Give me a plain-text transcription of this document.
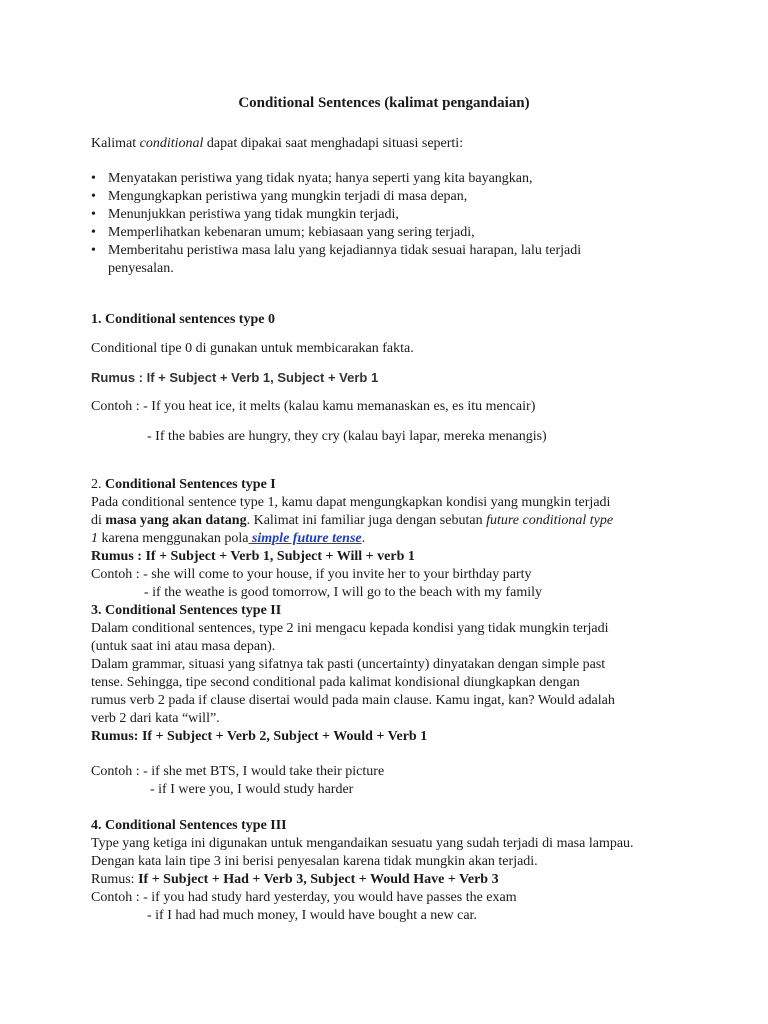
Conditional Sentences (kalimat pengandaian)
Kalimat conditional dapat dipakai saat menghadapi situasi seperti:
• Menyatakan peristiwa yang tidak nyata; hanya seperti yang kita bayangkan,
• Mengungkapkan peristiwa yang mungkin terjadi di masa depan,
• Menunjukkan peristiwa yang tidak mungkin terjadi,
• Memperlihatkan kebenaran umum; kebiasaan yang sering terjadi,
• Memberitahu peristiwa masa lalu yang kejadiannya tidak sesuai harapan, lalu terjadi
penyesalan.
1. Conditional sentences type 0
Conditional tipe 0 di gunakan untuk membicarakan fakta.
Rumus : If + Subject + Verb 1, Subject + Verb 1
Contoh : - If you heat ice, it melts (kalau kamu memanaskan es, es itu mencair)
- If the babies are hungry, they cry (kalau bayi lapar, mereka menangis)
2. Conditional Sentences type I
Pada conditional sentence type 1, kamu dapat mengungkapkan kondisi yang mungkin terjadi
di masa yang akan datang. Kalimat ini familiar juga dengan sebutan future conditional type
1 karena menggunakan pola simple future tense.
Rumus : If + Subject + Verb 1, Subject + Will + verb 1
Contoh : - she will come to your house, if you invite her to your birthday party
- if the weathe is good tomorrow, I will go to the beach with my family
3. Conditional Sentences type II
Dalam conditional sentences, type 2 ini mengacu kepada kondisi yang tidak mungkin terjadi
(untuk saat ini atau masa depan).
Dalam grammar, situasi yang sifatnya tak pasti (uncertainty) dinyatakan dengan simple past
tense. Sehingga, tipe second conditional pada kalimat kondisional diungkapkan dengan
rumus verb 2 pada if clause disertai would pada main clause. Kamu ingat, kan? Would adalah
verb 2 dari kata “will”.
Rumus: If + Subject + Verb 2, Subject + Would + Verb 1
Contoh : - if she met BTS, I would take their picture
- if I were you, I would study harder
4. Conditional Sentences type III
Type yang ketiga ini digunakan untuk mengandaikan sesuatu yang sudah terjadi di masa lampau.
Dengan kata lain tipe 3 ini berisi penyesalan karena tidak mungkin akan terjadi.
Rumus: If + Subject + Had + Verb 3, Subject + Would Have + Verb 3
Contoh : - if you had study hard yesterday, you would have passes the exam
- if I had had much money, I would have bought a new car.
